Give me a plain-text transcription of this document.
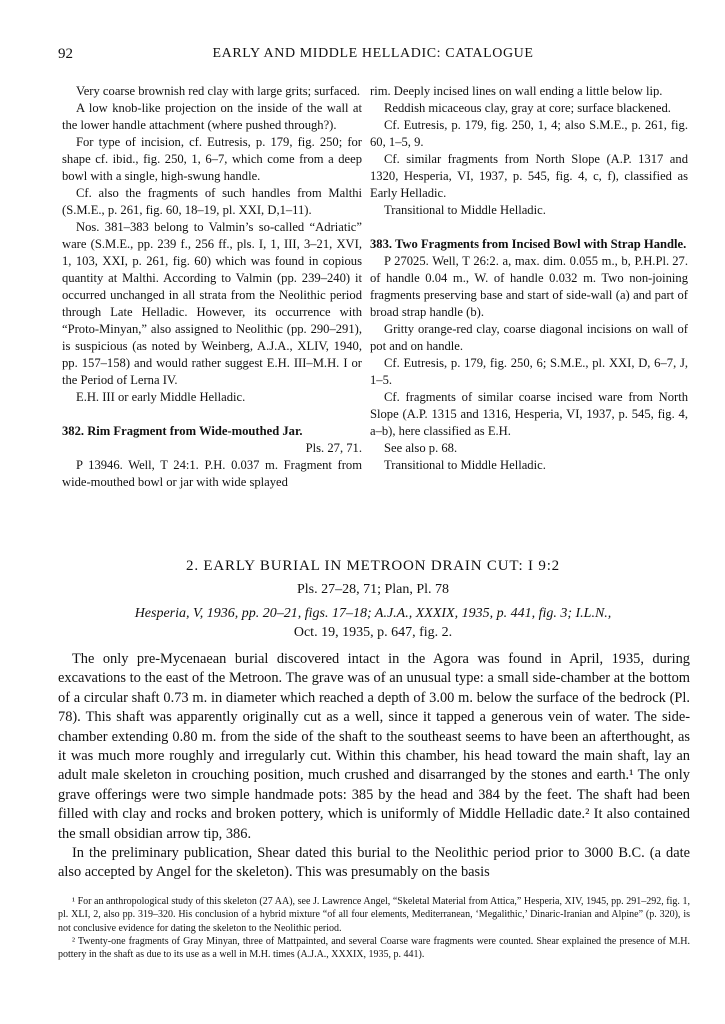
92	EARLY AND MIDDLE HELLADIC: CATALOGUE

Very coarse brownish red clay with large grits; surfaced.

A low knob-like projection on the inside of the wall at the lower handle attachment (where pushed through?).

For type of incision, cf. Eutresis, p. 179, fig. 250; for shape cf. ibid., fig. 250, 1, 6–7, which come from a deep bowl with a single, high-swung handle.

Cf. also the fragments of such handles from Malthi (S.M.E., p. 261, fig. 60, 18–19, pl. XXI, D,1–11).

Nos. 381–383 belong to Valmin’s so-called “Adriatic” ware (S.M.E., pp. 239 f., 256 ff., pls. I, 1, III, 3–21, XVI, 1, 103, XXI, p. 261, fig. 60) which was found in copious quantity at Malthi. According to Valmin (pp. 239–240) it occurred unchanged in all strata from the Neolithic period through Late Helladic. However, its occurrence with “Proto-Minyan,” also assigned to Neolithic (pp. 290–291), is suspicious (as noted by Weinberg, A.J.A., XLIV, 1940, pp. 157–158) and would rather suggest E.H. III–M.H. I or the Period of Lerna IV.

E.H. III or early Middle Helladic.

382. Rim Fragment from Wide-mouthed Jar.

Pls. 27, 71.

P 13946. Well, T 24:1. P.H. 0.037 m. Fragment from wide-mouthed bowl or jar with wide splayed

rim. Deeply incised lines on wall ending a little below lip.

Reddish micaceous clay, gray at core; surface blackened.

Cf. Eutresis, p. 179, fig. 250, 1, 4; also S.M.E., p. 261, fig. 60, 1–5, 9.

Cf. similar fragments from North Slope (A.P. 1317 and 1320, Hesperia, VI, 1937, p. 545, fig. 4, c, f), classified as Early Helladic.

Transitional to Middle Helladic.

383. Two Fragments from Incised Bowl with Strap Handle.
Pl. 27.

P 27025. Well, T 26:2. a, max. dim. 0.055 m., b, P.H. of handle 0.04 m., W. of handle 0.032 m. Two non-joining fragments preserving base and start of side-wall (a) and part of broad strap handle (b).

Gritty orange-red clay, coarse diagonal incisions on wall of pot and on handle.

Cf. Eutresis, p. 179, fig. 250, 6; S.M.E., pl. XXI, D, 6–7, J, 1–5.

Cf. fragments of similar coarse incised ware from North Slope (A.P. 1315 and 1316, Hesperia, VI, 1937, p. 545, fig. 4, a–b), here classified as E.H.

See also p. 68.

Transitional to Middle Helladic.

2. EARLY BURIAL IN METROON DRAIN CUT: I 9:2
Pls. 27–28, 71; Plan, Pl. 78
Hesperia, V, 1936, pp. 20–21, figs. 17–18; A.J.A., XXXIX, 1935, p. 441, fig. 3; I.L.N.,
Oct. 19, 1935, p. 647, fig. 2.

The only pre-Mycenaean burial discovered intact in the Agora was found in April, 1935, during excavations to the east of the Metroon. The grave was of an unusual type: a small side-chamber at the bottom of a circular shaft 0.73 m. in diameter which reached a depth of 3.00 m. below the surface of the bedrock (Pl. 78). This shaft was apparently originally cut as a well, since it tapped a generous vein of water. The side-chamber extending 0.80 m. from the side of the shaft to the southeast seems to have been an afterthought, as it was much more roughly and irregularly cut. Within this chamber, his head toward the main shaft, lay an adult male skeleton in crouching position, much crushed and disarranged by the stones and earth.¹ The only grave offerings were two simple handmade pots: 385 by the head and 384 by the feet. The shaft had been filled with clay and rocks and broken pottery, which is uniformly of Middle Helladic date.² It also contained the small obsidian arrow tip, 386.

In the preliminary publication, Shear dated this burial to the Neolithic period prior to 3000 B.C. (a date also accepted by Angel for the skeleton). This was presumably on the basis

¹ For an anthropological study of this skeleton (27 AA), see J. Lawrence Angel, “Skeletal Material from Attica,” Hesperia, XIV, 1945, pp. 291–292, fig. 1, pl. XLI, 2, also pp. 319–320. His conclusion of a hybrid mixture “of all four elements, Mediterranean, ‘Megalithic,’ Dinaric-Iranian and Alpine” (p. 320), is not conclusive evidence for dating the skeleton to the Neolithic period.

² Twenty-one fragments of Gray Minyan, three of Mattpainted, and several Coarse ware fragments were counted. Shear explained the presence of M.H. pottery in the shaft as due to its use as a well in M.H. times (A.J.A., XXXIX, 1935, p. 441).
